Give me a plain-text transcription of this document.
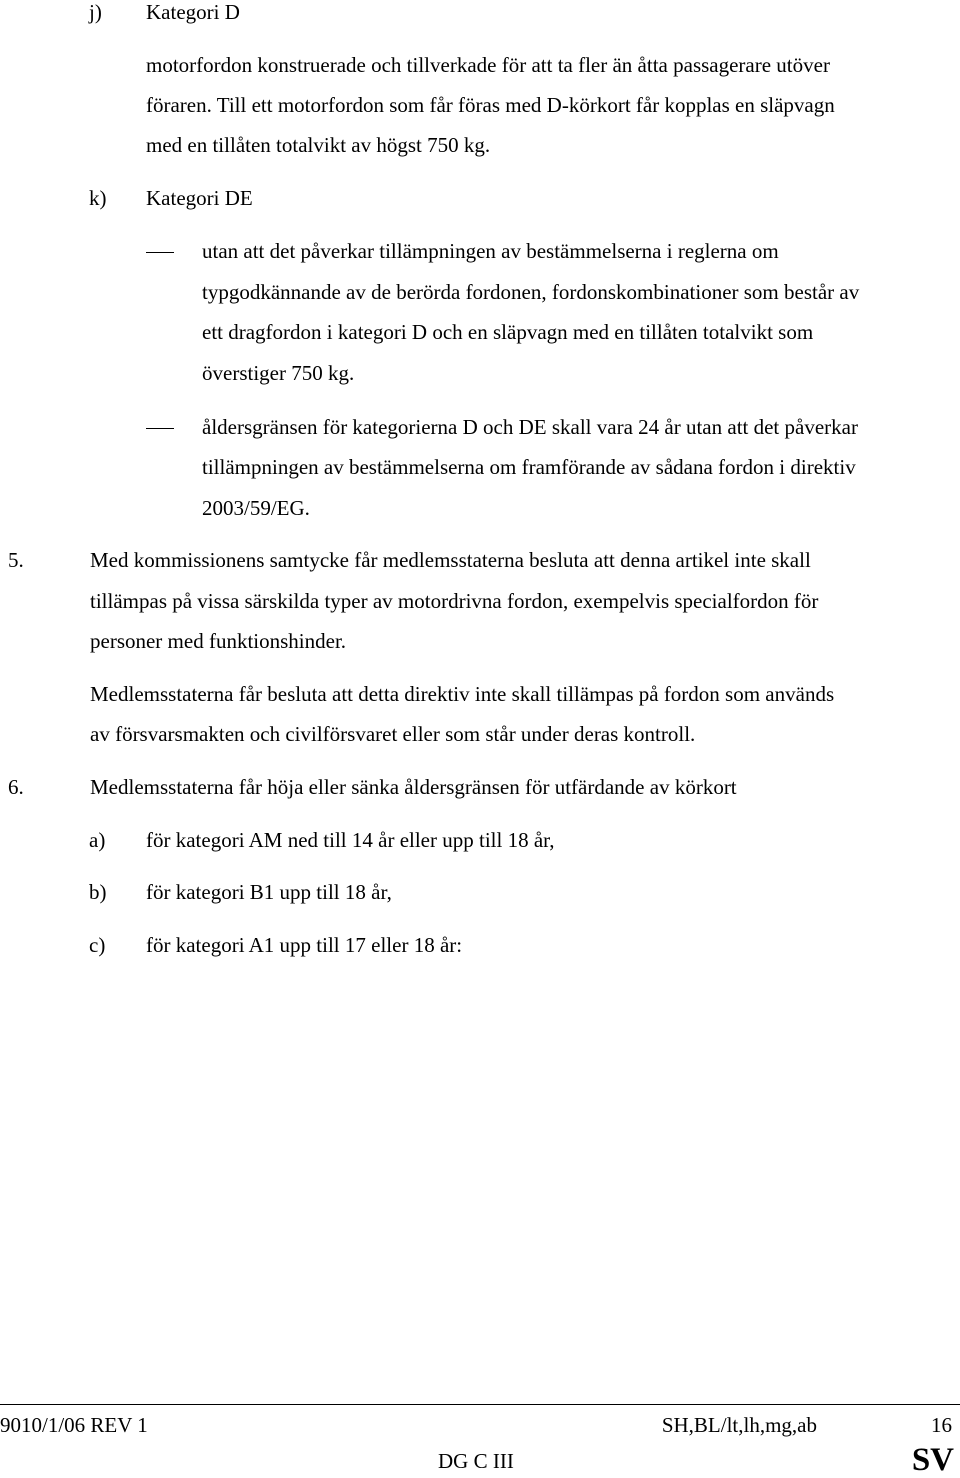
j) Kategori D
motorfordon konstruerade och tillverkade för att ta fler än åtta passagerare utöver
föraren. Till ett motorfordon som får föras med D-körkort får kopplas en släpvagn
med en tillåten totalvikt av högst 750 kg.
k) Kategori DE
utan att det påverkar tillämpningen av bestämmelserna i reglerna om
typgodkännande av de berörda fordonen, fordonskombinationer som består av
ett dragfordon i kategori D och en släpvagn med en tillåten totalvikt som
överstiger 750 kg.
åldersgränsen för kategorierna D och DE skall vara 24 år utan att det påverkar
tillämpningen av bestämmelserna om framförande av sådana fordon i direktiv
2003/59/EG.
5.	Med kommissionens samtycke får medlemsstaterna besluta att denna artikel inte skall
tillämpas på vissa särskilda typer av motordrivna fordon, exempelvis specialfordon för
personer med funktionshinder.
Medlemsstaterna får besluta att detta direktiv inte skall tillämpas på fordon som används
av försvarsmakten och civilförsvaret eller som står under deras kontroll.
6.	Medlemsstaterna får höja eller sänka åldersgränsen för utfärdande av körkort
a) för kategori AM ned till 14 år eller upp till 18 år,
b) för kategori B1 upp till 18 år,
c) för kategori A1 upp till 17 eller 18 år:
9010/1/06 REV 1	SH,BL/lt,lh,mg,ab	16
DG C III	SV
